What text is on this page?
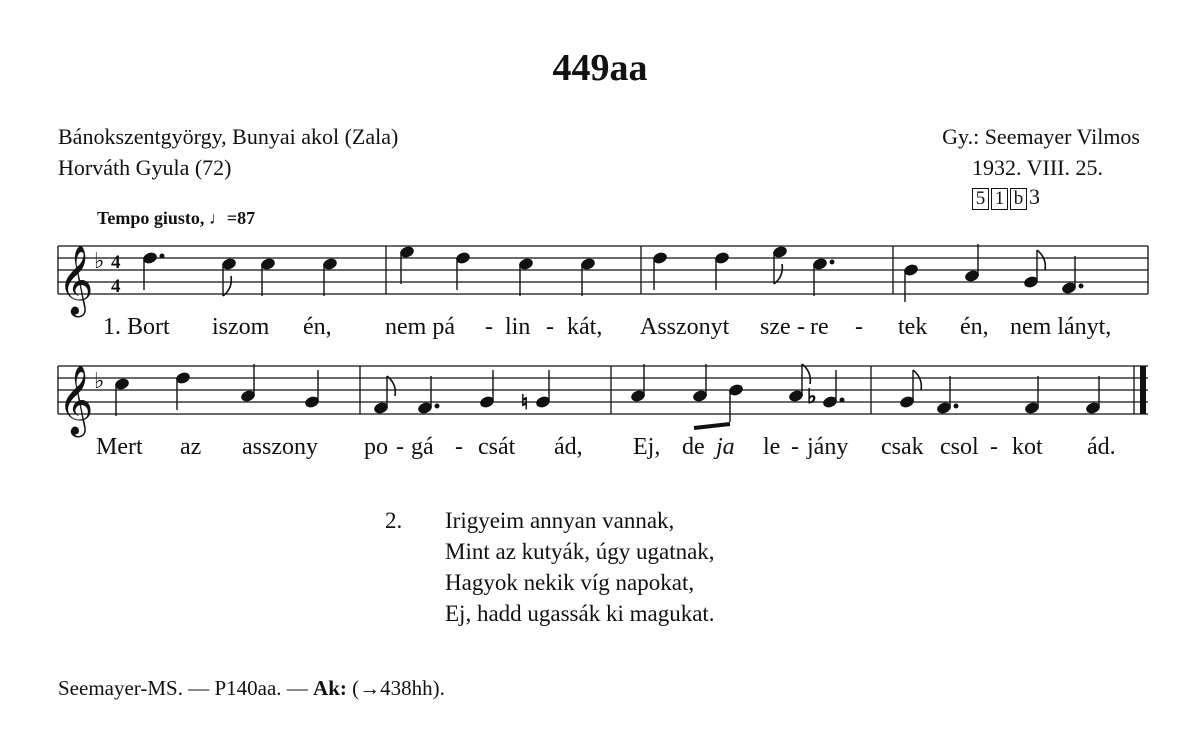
449aa
Bánokszentgyörgy, Bunyai akol (Zala)
Horváth Gyula (72)
Gy.: Seemayer Vilmos
1932. VIII. 25.
5 1 b 3
Tempo giusto, ♩=87
𝄞
𝄞
♭
♭
4
4
♮	♭
1. Bort iszom én, nem pá - lin - kát, Asszonyt sze - re - tek én, nem lányt,
Mert az asszony po - gá - csát ád, Ej, de ja le - jány csak csol - kot ád.
2. Irigyeim annyan vannak,
Mint az kutyák, úgy ugatnak,
Hagyok nekik víg napokat,
Ej, hadd ugassák ki magukat.
Seemayer-MS. — P140aa. — Ak: (→438hh).
